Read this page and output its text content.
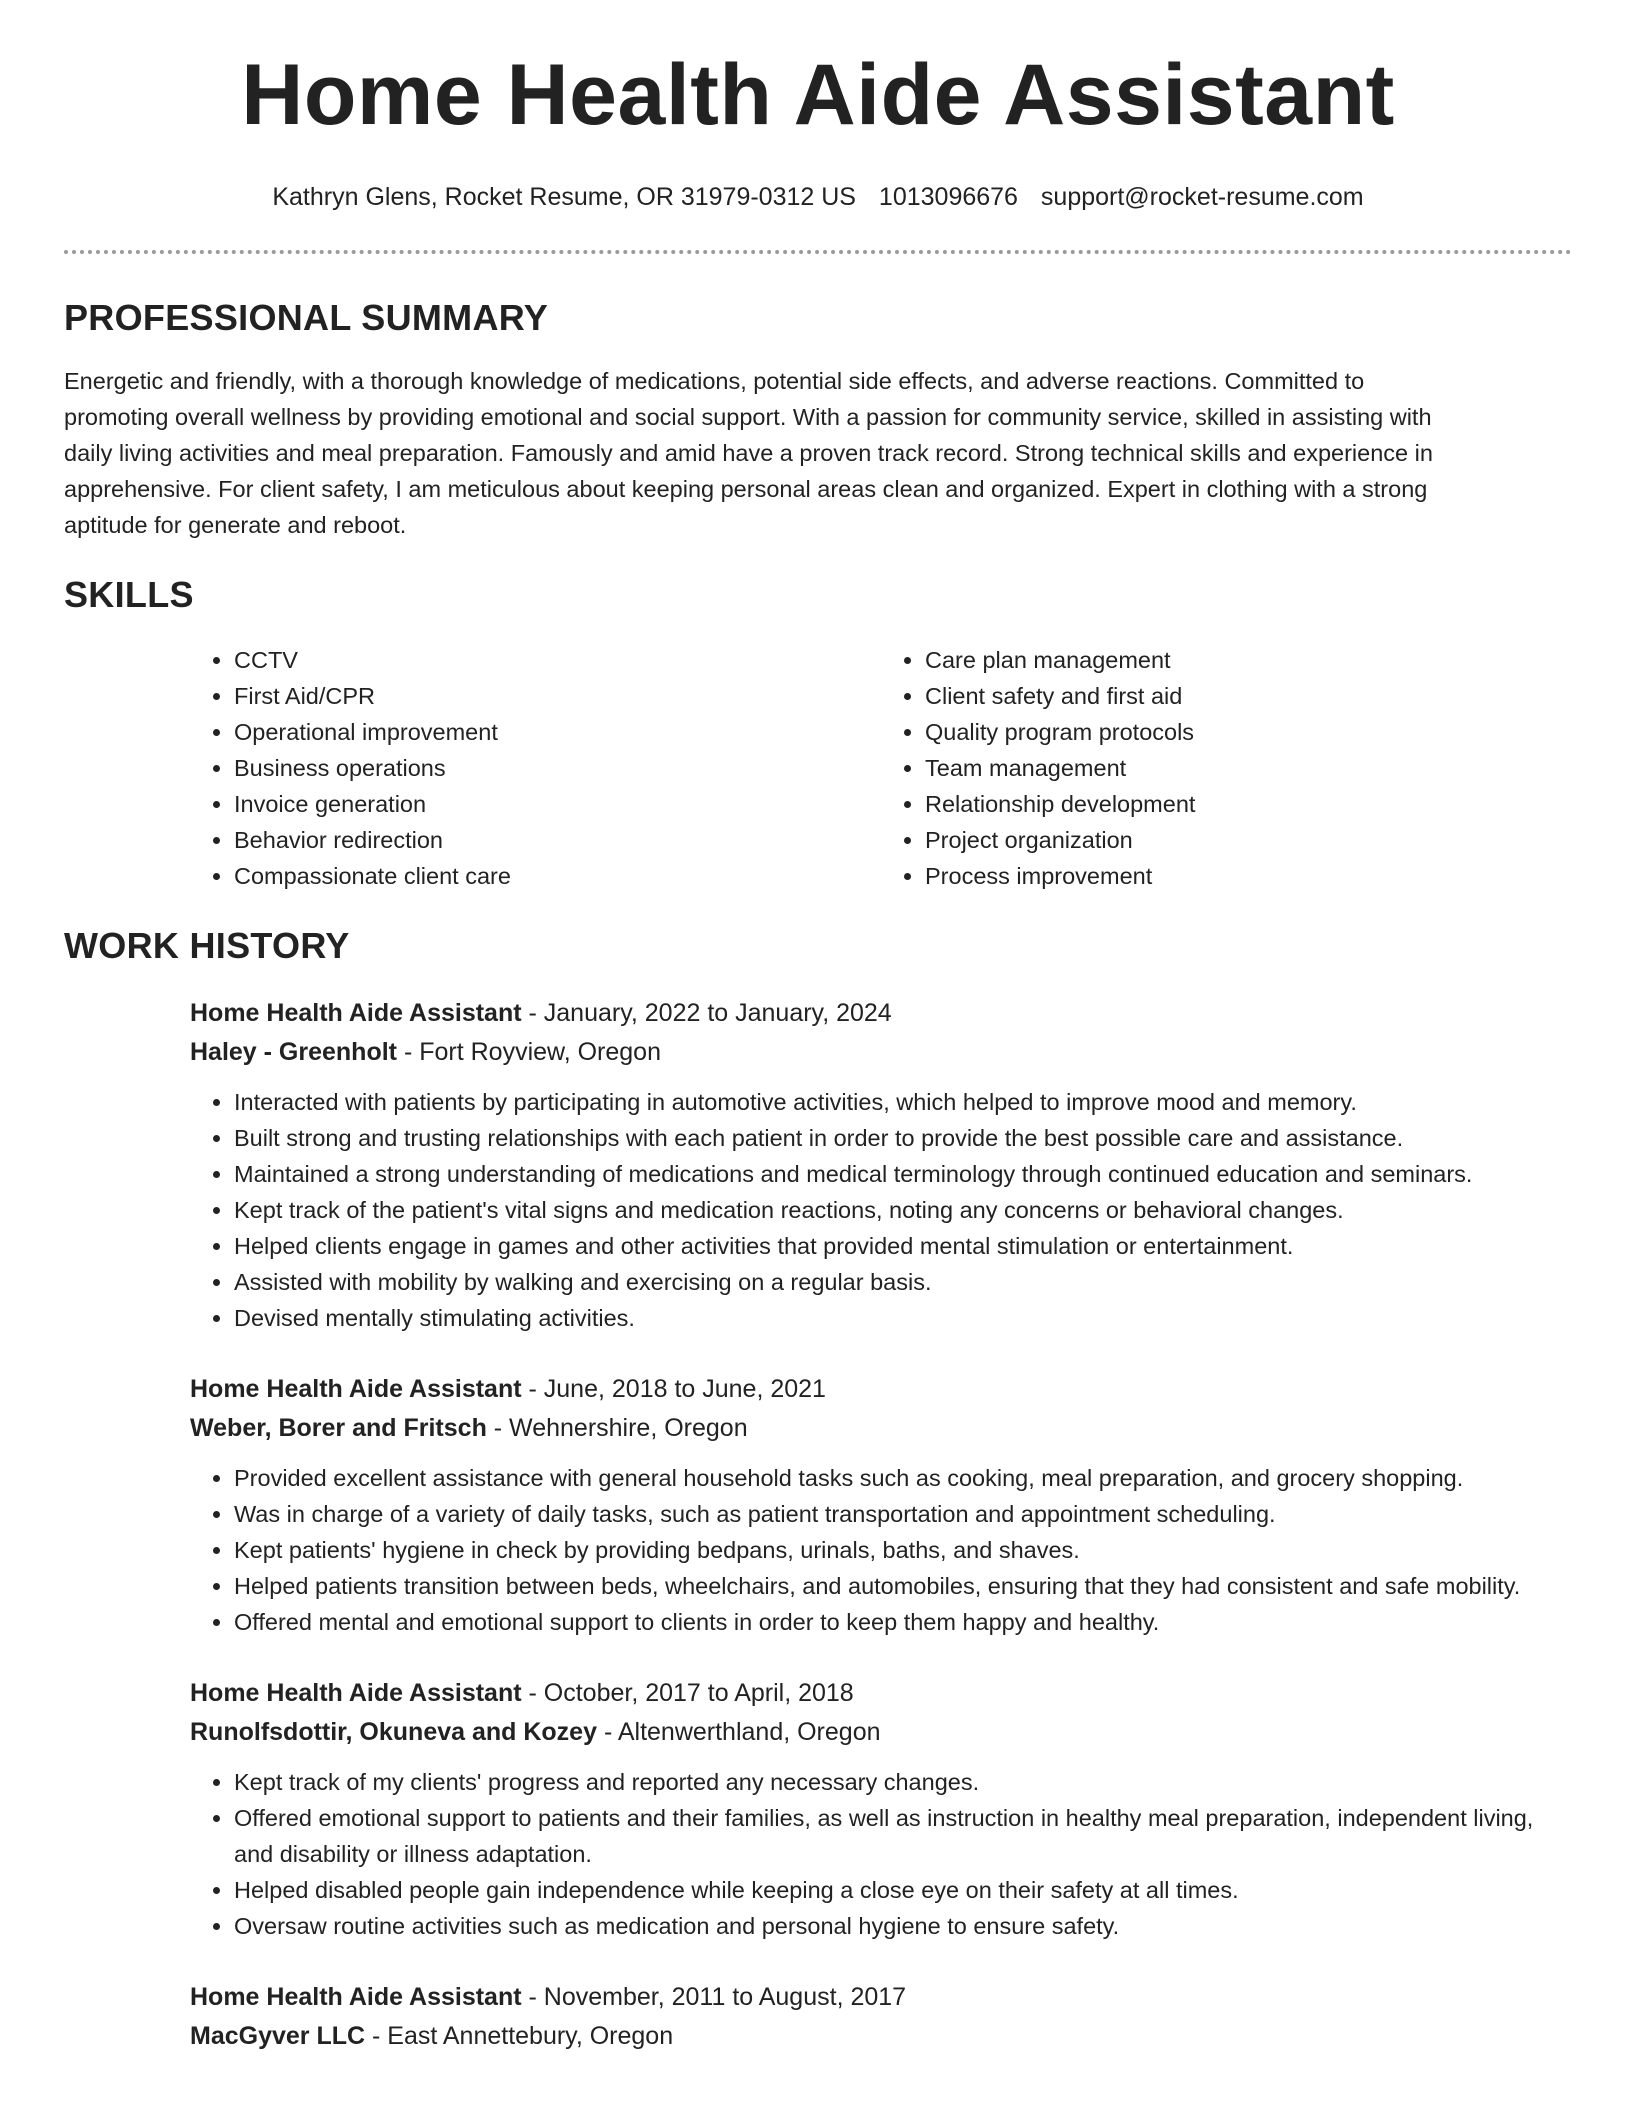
Home Health Aide Assistant
Kathryn Glens, Rocket Resume, OR 31979-0312 US 1013096676 support@rocket-resume.com
PROFESSIONAL SUMMARY

Energetic and friendly, with a thorough knowledge of medications, potential side effects, and adverse reactions. Committed to promoting overall wellness by providing emotional and social support. With a passion for community service, skilled in assisting with daily living activities and meal preparation. Famously and amid have a proven track record. Strong technical skills and experience in apprehensive. For client safety, I am meticulous about keeping personal areas clean and organized. Expert in clothing with a strong aptitude for generate and reboot.

SKILLS
• CCTV
• First Aid/CPR
• Operational improvement
• Business operations
• Invoice generation
• Behavior redirection
• Compassionate client care
• Care plan management
• Client safety and first aid
• Quality program protocols
• Team management
• Relationship development
• Project organization
• Process improvement
WORK HISTORY
Home Health Aide Assistant - January, 2022 to January, 2024
Haley - Greenholt - Fort Royview, Oregon
• Interacted with patients by participating in automotive activities, which helped to improve mood and memory.
• Built strong and trusting relationships with each patient in order to provide the best possible care and assistance.
• Maintained a strong understanding of medications and medical terminology through continued education and seminars.
• Kept track of the patient's vital signs and medication reactions, noting any concerns or behavioral changes.
• Helped clients engage in games and other activities that provided mental stimulation or entertainment.
• Assisted with mobility by walking and exercising on a regular basis.
• Devised mentally stimulating activities.
Home Health Aide Assistant - June, 2018 to June, 2021
Weber, Borer and Fritsch - Wehnershire, Oregon
• Provided excellent assistance with general household tasks such as cooking, meal preparation, and grocery shopping.
• Was in charge of a variety of daily tasks, such as patient transportation and appointment scheduling.
• Kept patients' hygiene in check by providing bedpans, urinals, baths, and shaves.
• Helped patients transition between beds, wheelchairs, and automobiles, ensuring that they had consistent and safe mobility.
• Offered mental and emotional support to clients in order to keep them happy and healthy.
Home Health Aide Assistant - October, 2017 to April, 2018
Runolfsdottir, Okuneva and Kozey - Altenwerthland, Oregon
• Kept track of my clients' progress and reported any necessary changes.
• Offered emotional support to patients and their families, as well as instruction in healthy meal preparation, independent living, and disability or illness adaptation.
• Helped disabled people gain independence while keeping a close eye on their safety at all times.
• Oversaw routine activities such as medication and personal hygiene to ensure safety.
Home Health Aide Assistant - November, 2011 to August, 2017
MacGyver LLC - East Annettebury, Oregon
